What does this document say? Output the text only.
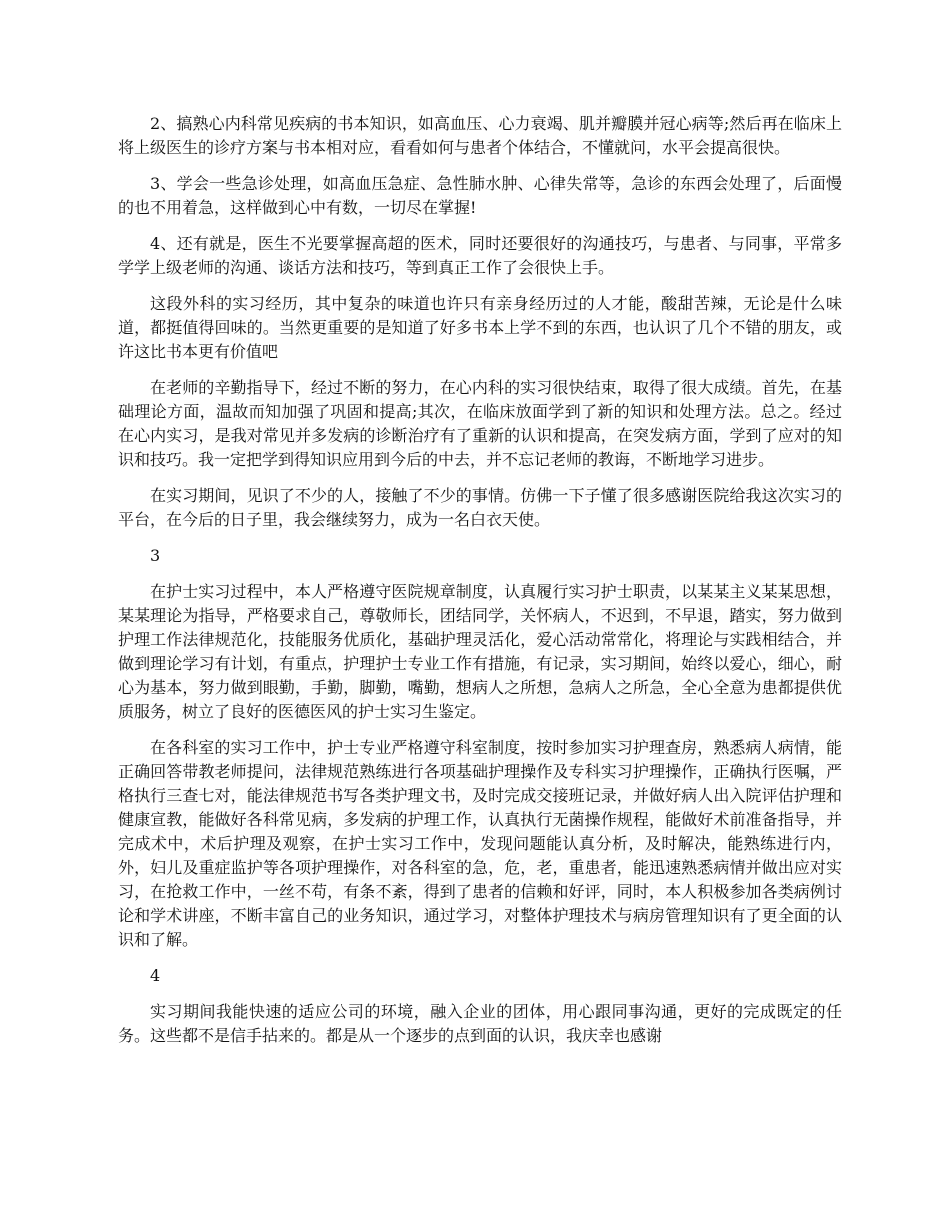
2、搞熟心内科常见疾病的书本知识，如高血压、心力衰竭、肌并瓣膜并冠心病等;然后再在临床上将上级医生的诊疗方案与书本相对应，看看如何与患者个体结合，不懂就问，水平会提高很快。

3、学会一些急诊处理，如高血压急症、急性肺水肿、心律失常等，急诊的东西会处理了，后面慢的也不用着急，这样做到心中有数，一切尽在掌握!

4、还有就是，医生不光要掌握高超的医术，同时还要很好的沟通技巧，与患者、与同事，平常多学学上级老师的沟通、谈话方法和技巧，等到真正工作了会很快上手。

这段外科的实习经历，其中复杂的味道也许只有亲身经历过的人才能，酸甜苦辣，无论是什么味道，都挺值得回味的。当然更重要的是知道了好多书本上学不到的东西，也认识了几个不错的朋友，或许这比书本更有价值吧

在老师的辛勤指导下，经过不断的努力，在心内科的实习很快结束，取得了很大成绩。首先，在基础理论方面，温故而知加强了巩固和提高;其次，在临床放面学到了新的知识和处理方法。总之。经过在心内实习，是我对常见并多发病的诊断治疗有了重新的认识和提高，在突发病方面，学到了应对的知识和技巧。我一定把学到得知识应用到今后的中去，并不忘记老师的教诲，不断地学习进步。

在实习期间，见识了不少的人，接触了不少的事情。仿佛一下子懂了很多感谢医院给我这次实习的平台，在今后的日子里，我会继续努力，成为一名白衣天使。

3

在护士实习过程中，本人严格遵守医院规章制度，认真履行实习护士职责，以某某主义某某思想，某某理论为指导，严格要求自己，尊敬师长，团结同学，关怀病人，不迟到，不早退，踏实，努力做到护理工作法律规范化，技能服务优质化，基础护理灵活化，爱心活动常常化，将理论与实践相结合，并做到理论学习有计划，有重点，护理护士专业工作有措施，有记录，实习期间，始终以爱心，细心，耐心为基本，努力做到眼勤，手勤，脚勤，嘴勤，想病人之所想，急病人之所急，全心全意为患都提供优质服务，树立了良好的医德医风的护士实习生鉴定。

在各科室的实习工作中，护士专业严格遵守科室制度，按时参加实习护理查房，熟悉病人病情，能正确回答带教老师提问，法律规范熟练进行各项基础护理操作及专科实习护理操作，正确执行医嘱，严格执行三查七对，能法律规范书写各类护理文书，及时完成交接班记录，并做好病人出入院评估护理和健康宣教，能做好各科常见病，多发病的护理工作，认真执行无菌操作规程，能做好术前准备指导，并完成术中，术后护理及观察，在护士实习工作中，发现问题能认真分析，及时解决，能熟练进行内，外，妇儿及重症监护等各项护理操作，对各科室的急，危，老，重患者，能迅速熟悉病情并做出应对实习，在抢救工作中，一丝不苟，有条不紊，得到了患者的信赖和好评，同时，本人积极参加各类病例讨论和学术讲座，不断丰富自己的业务知识，通过学习，对整体护理技术与病房管理知识有了更全面的认识和了解。

4

实习期间我能快速的适应公司的环境，融入企业的团体，用心跟同事沟通，更好的完成既定的任务。这些都不是信手拈来的。都是从一个逐步的点到面的认识，我庆幸也感谢
